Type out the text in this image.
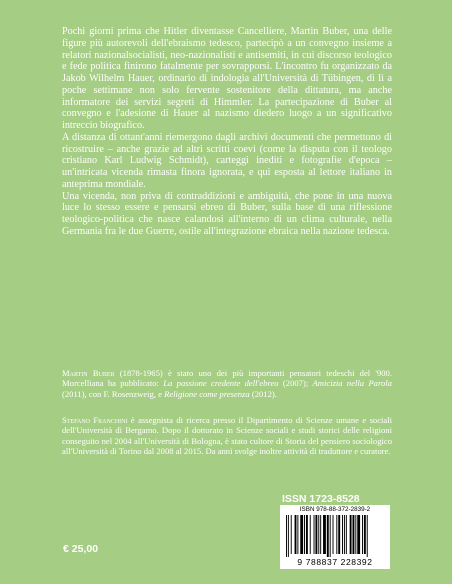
Pochi giorni prima che Hitler diventasse Cancelliere, Martin Buber, una delle figure più autorevoli dell'ebraismo tedesco, partecipò a un convegno insieme a relatori nazionalsocialisti, neo-nazionalisti e antisemiti, in cui discorso teologico e fede politica finirono fatalmente per sovrapporsi. L'incontro fu organizzato da Jakob Wilhelm Hauer, ordinario di indologia all'Università di Tübingen, di lì a poche settimane non solo fervente sostenitore della dittatura, ma anche informatore dei servizi segreti di Himmler. La partecipazione di Buber al convegno e l'adesione di Hauer al nazismo diedero luogo a un significativo intreccio biografico.

A distanza di ottant'anni riemergono dagli archivi documenti che permettono di ricostruire – anche grazie ad altri scritti coevi (come la disputa con il teologo cristiano Karl Ludwig Schmidt), carteggi inediti e fotografie d'epoca – un'intricata vicenda rimasta finora ignorata, e qui esposta al lettore italiano in anteprima mondiale.

Una vicenda, non priva di contraddizioni e ambiguità, che pone in una nuova luce lo stesso essere e pensarsi ebreo di Buber, sulla base di una riflessione teologico-politica che nasce calandosi all'interno di un clima culturale, nella Germania fra le due Guerre, ostile all'integrazione ebraica nella nazione tedesca.

Martin Buber (1878-1965) è stato uno dei più importanti pensatori tedeschi del '900. Morcelliana ha pubblicato: La passione credente dell'ebreo (2007); Amicizia nella Parola (2011), con F. Rosenzweig, e Religione come presenza (2012).

Stefano Franchini è assegnista di ricerca presso il Dipartimento di Scienze umane e sociali dell'Università di Bergamo. Dopo il dottorato in Scienze sociali e studi storici delle religioni conseguito nel 2004 all'Università di Bologna, è stato cultore di Storia del pensiero sociologico all'Università di Torino dal 2008 al 2015. Da anni svolge inoltre attività di traduttore e curatore.

ISSN 1723-8528
ISBN 978-88-372-2839-2
9 788837 228392
€ 25,00
